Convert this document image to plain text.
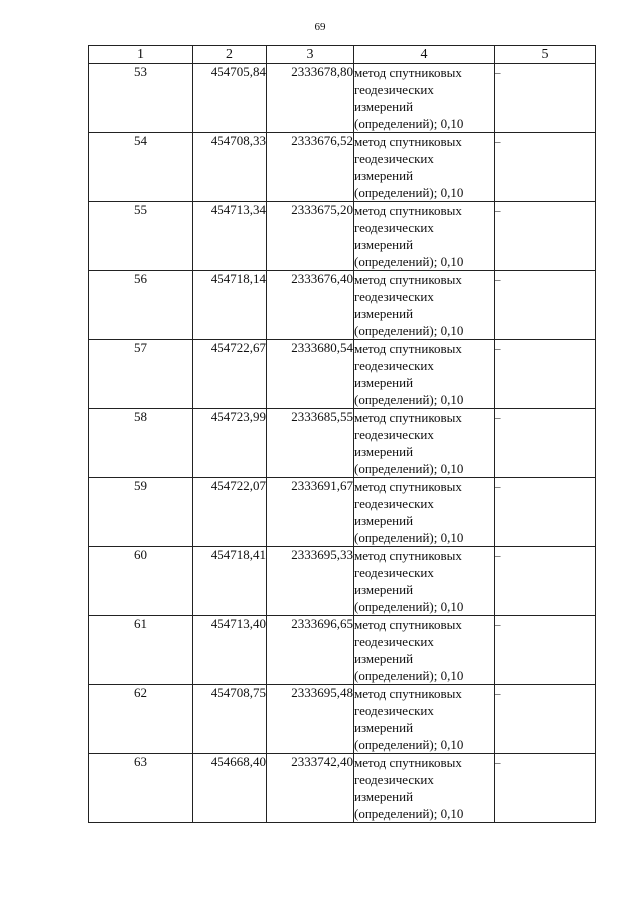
69
1	2	3	4	5
53	454705,84	2333678,80	метод спутниковых
геодезических
измерений
(определений); 0,10	–
54	454708,33	2333676,52	метод спутниковых
геодезических
измерений
(определений); 0,10	–
55	454713,34	2333675,20	метод спутниковых
геодезических
измерений
(определений); 0,10	–
56	454718,14	2333676,40	метод спутниковых
геодезических
измерений
(определений); 0,10	–
57	454722,67	2333680,54	метод спутниковых
геодезических
измерений
(определений); 0,10	–
58	454723,99	2333685,55	метод спутниковых
геодезических
измерений
(определений); 0,10	–
59	454722,07	2333691,67	метод спутниковых
геодезических
измерений
(определений); 0,10	–
60	454718,41	2333695,33	метод спутниковых
геодезических
измерений
(определений); 0,10	–
61	454713,40	2333696,65	метод спутниковых
геодезических
измерений
(определений); 0,10	–
62	454708,75	2333695,48	метод спутниковых
геодезических
измерений
(определений); 0,10	–
63	454668,40	2333742,40	метод спутниковых
геодезических
измерений
(определений); 0,10	–
